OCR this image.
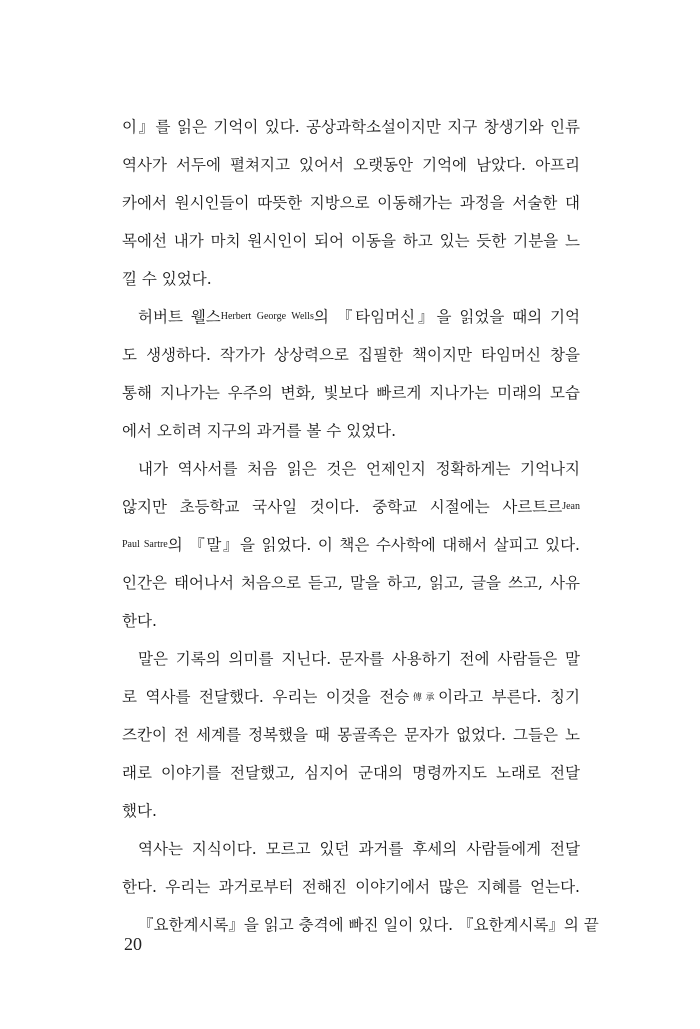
이』를 읽은 기억이 있다. 공상과학소설이지만 지구 창생기와 인류
역사가 서두에 펼쳐지고 있어서 오랫동안 기억에 남았다. 아프리
카에서 원시인들이 따뜻한 지방으로 이동해가는 과정을 서술한 대
목에선 내가 마치 원시인이 되어 이동을 하고 있는 듯한 기분을 느
낄 수 있었다.
허버트 웰스Herbert George Wells의 『타임머신』을 읽었을 때의 기억
도 생생하다. 작가가 상상력으로 집필한 책이지만 타임머신 창을
통해 지나가는 우주의 변화, 빛보다 빠르게 지나가는 미래의 모습
에서 오히려 지구의 과거를 볼 수 있었다.
내가 역사서를 처음 읽은 것은 언제인지 정확하게는 기억나지
않지만 초등학교 국사일 것이다. 중학교 시절에는 사르트르Jean
Paul Sartre의 『말』을 읽었다. 이 책은 수사학에 대해서 살피고 있다.
인간은 태어나서 처음으로 듣고, 말을 하고, 읽고, 글을 쓰고, 사유
한다.
말은 기록의 의미를 지닌다. 문자를 사용하기 전에 사람들은 말
로 역사를 전달했다. 우리는 이것을 전승$^{傳承}$이라고 부른다. 칭기
즈칸이 전 세계를 정복했을 때 몽골족은 문자가 없었다. 그들은 노
래로 이야기를 전달했고, 심지어 군대의 명령까지도 노래로 전달
했다.
역사는 지식이다. 모르고 있던 과거를 후세의 사람들에게 전달
한다. 우리는 과거로부터 전해진 이야기에서 많은 지혜를 얻는다.
『요한계시록』을 읽고 충격에 빠진 일이 있다. 『요한계시록』의 끝
20
